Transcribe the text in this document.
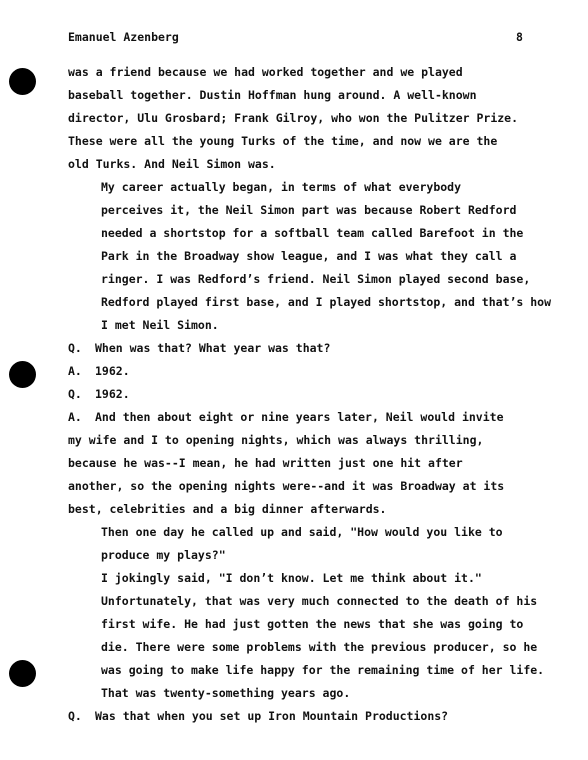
Emanuel Azenberg	8
was a friend because we had worked together and we played
baseball together. Dustin Hoffman hung around. A well-known
director, Ulu Grosbard; Frank Gilroy, who won the Pulitzer Prize.
These were all the young Turks of the time, and now we are the
old Turks. And Neil Simon was.
My career actually began, in terms of what everybody
perceives it, the Neil Simon part was because Robert Redford
needed a shortstop for a softball team called Barefoot in the
Park in the Broadway show league, and I was what they call a
ringer. I was Redford’s friend. Neil Simon played second base,
Redford played first base, and I played shortstop, and that’s how
I met Neil Simon.
Q. When was that? What year was that?
A. 1962.
Q. 1962.
A. And then about eight or nine years later, Neil would invite
my wife and I to opening nights, which was always thrilling,
because he was--I mean, he had written just one hit after
another, so the opening nights were--and it was Broadway at its
best, celebrities and a big dinner afterwards.
Then one day he called up and said, "How would you like to
produce my plays?"
I jokingly said, "I don’t know. Let me think about it."
Unfortunately, that was very much connected to the death of his
first wife. He had just gotten the news that she was going to
die. There were some problems with the previous producer, so he
was going to make life happy for the remaining time of her life.
That was twenty-something years ago.
Q. Was that when you set up Iron Mountain Productions?
